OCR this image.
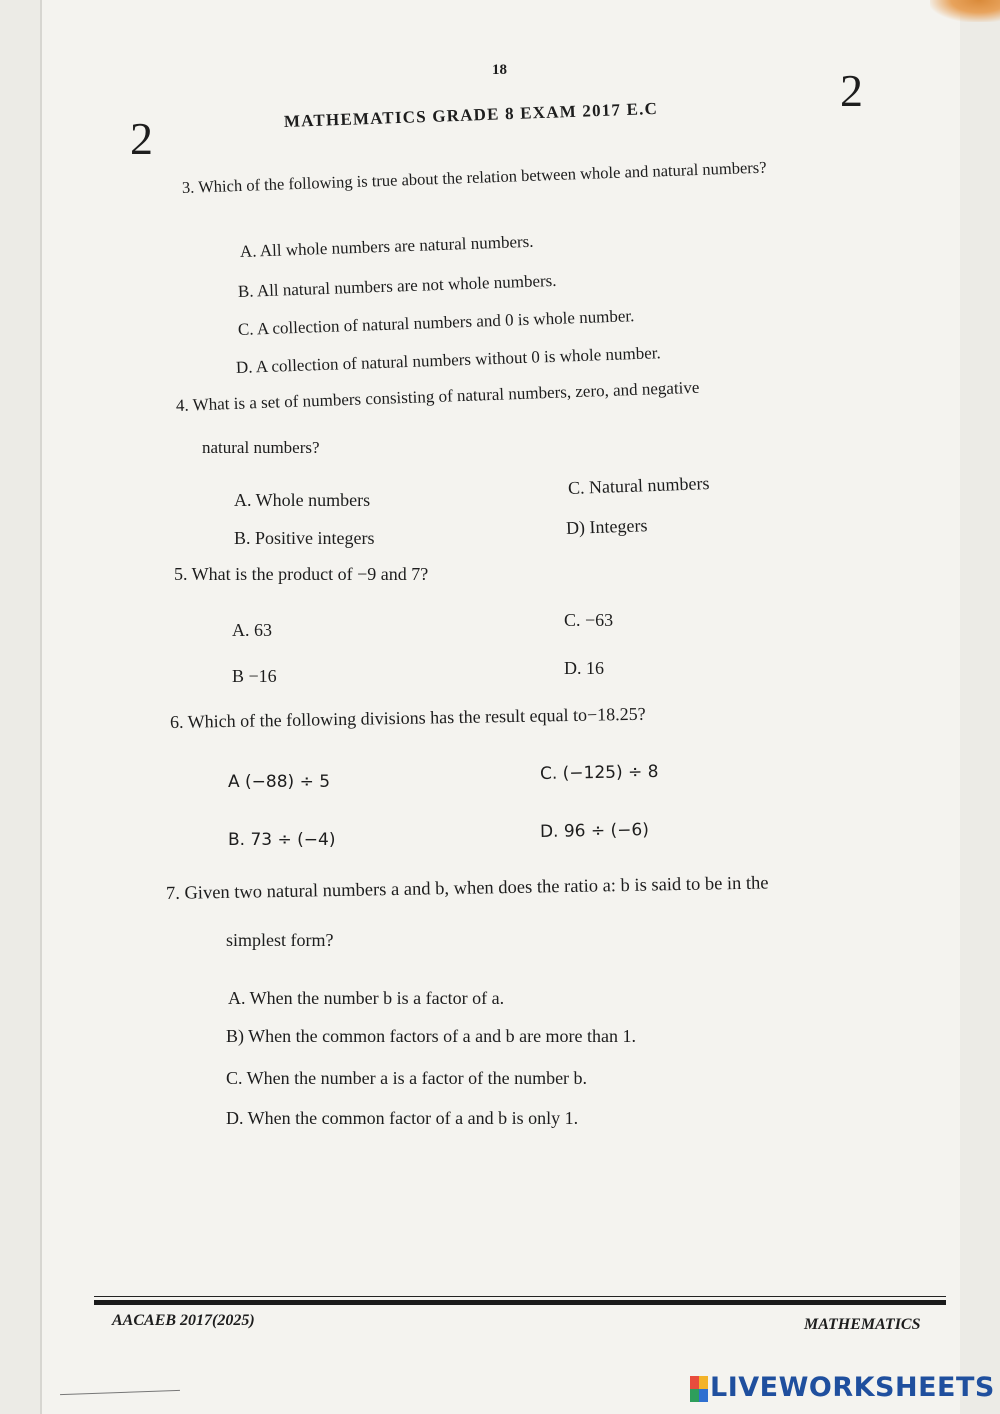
18
2
2
MATHEMATICS GRADE 8 EXAM 2017 E.C
3. Which of the following is true about the relation between whole and natural numbers?
A. All whole numbers are natural numbers.
B. All natural numbers are not whole numbers.
C. A collection of natural numbers and 0 is whole number.
D. A collection of natural numbers without 0 is whole number.
4. What is a set of numbers consisting of natural numbers, zero, and negative
natural numbers?
A. Whole numbers
B. Positive integers
C. Natural numbers
D) Integers
5. What is the product of −9 and 7?
A. 63
B −16
C. −63
D. 16
6. Which of the following divisions has the result equal to−18.25?
A (−88) ÷ 5
B. 73 ÷ (−4)
C. (−125) ÷ 8
D. 96 ÷ (−6)
7. Given two natural numbers a and b, when does the ratio a: b is said to be in the
simplest form?
A. When the number b is a factor of a.
B) When the common factors of a and b are more than 1.
C. When the number a is a factor of the number b.
D. When the common factor of a and b is only 1.
AACAEB 2017(2025)	MATHEMATICS
LIVEWORKSHEETS
